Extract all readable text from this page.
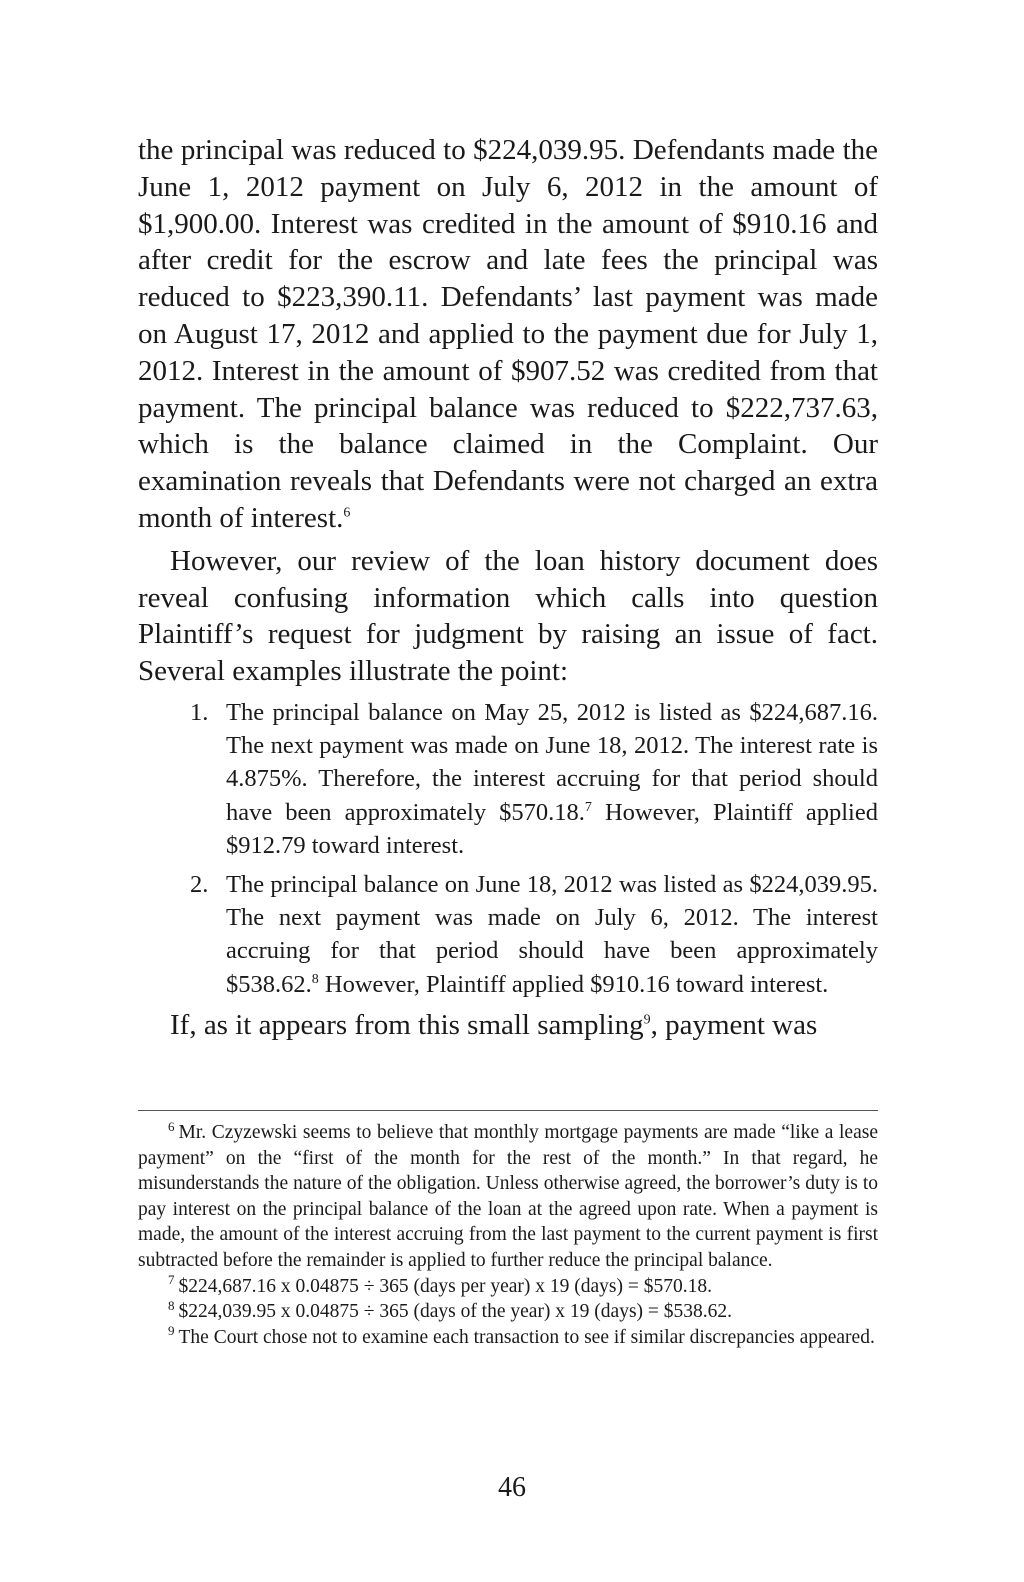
the principal was reduced to $224,039.95. Defendants made the June 1, 2012 payment on July 6, 2012 in the amount of $1,900.00. Interest was credited in the amount of $910.16 and after credit for the escrow and late fees the principal was reduced to $223,390.11. Defendants’ last payment was made on August 17, 2012 and applied to the payment due for July 1, 2012. Interest in the amount of $907.52 was credited from that payment. The principal balance was reduced to $222,737.63, which is the balance claimed in the Complaint. Our examination reveals that Defendants were not charged an extra month of interest.$^6$

However, our review of the loan history document does reveal confusing information which calls into question Plaintiff’s request for judgment by raising an issue of fact. Several examples illustrate the point:

1. The principal balance on May 25, 2012 is listed as $224,687.16. The next payment was made on June 18, 2012. The interest rate is 4.875%. Therefore, the interest accruing for that period should have been approximately $570.18.$^7$ However, Plaintiff applied $912.79 toward interest.
2. The principal balance on June 18, 2012 was listed as $224,039.95. The next payment was made on July 6, 2012. The interest accruing for that period should have been approximately $538.62.$^8$ However, Plaintiff applied $910.16 toward interest.

If, as it appears from this small sampling$^9$, payment was

$^6$ Mr. Czyzewski seems to believe that monthly mortgage payments are made “like a lease payment” on the “first of the month for the rest of the month.” In that regard, he misunderstands the nature of the obligation. Unless otherwise agreed, the borrower’s duty is to pay interest on the principal balance of the loan at the agreed upon rate. When a payment is made, the amount of the interest accruing from the last payment to the current payment is first subtracted before the remainder is applied to further reduce the principal balance.

$^7$ $224,687.16 x 0.04875 ÷ 365 (days per year) x 19 (days) = $570.18.

$^8$ $224,039.95 x 0.04875 ÷ 365 (days of the year) x 19 (days) = $538.62.

$^9$ The Court chose not to examine each transaction to see if similar discrepancies appeared.

46
